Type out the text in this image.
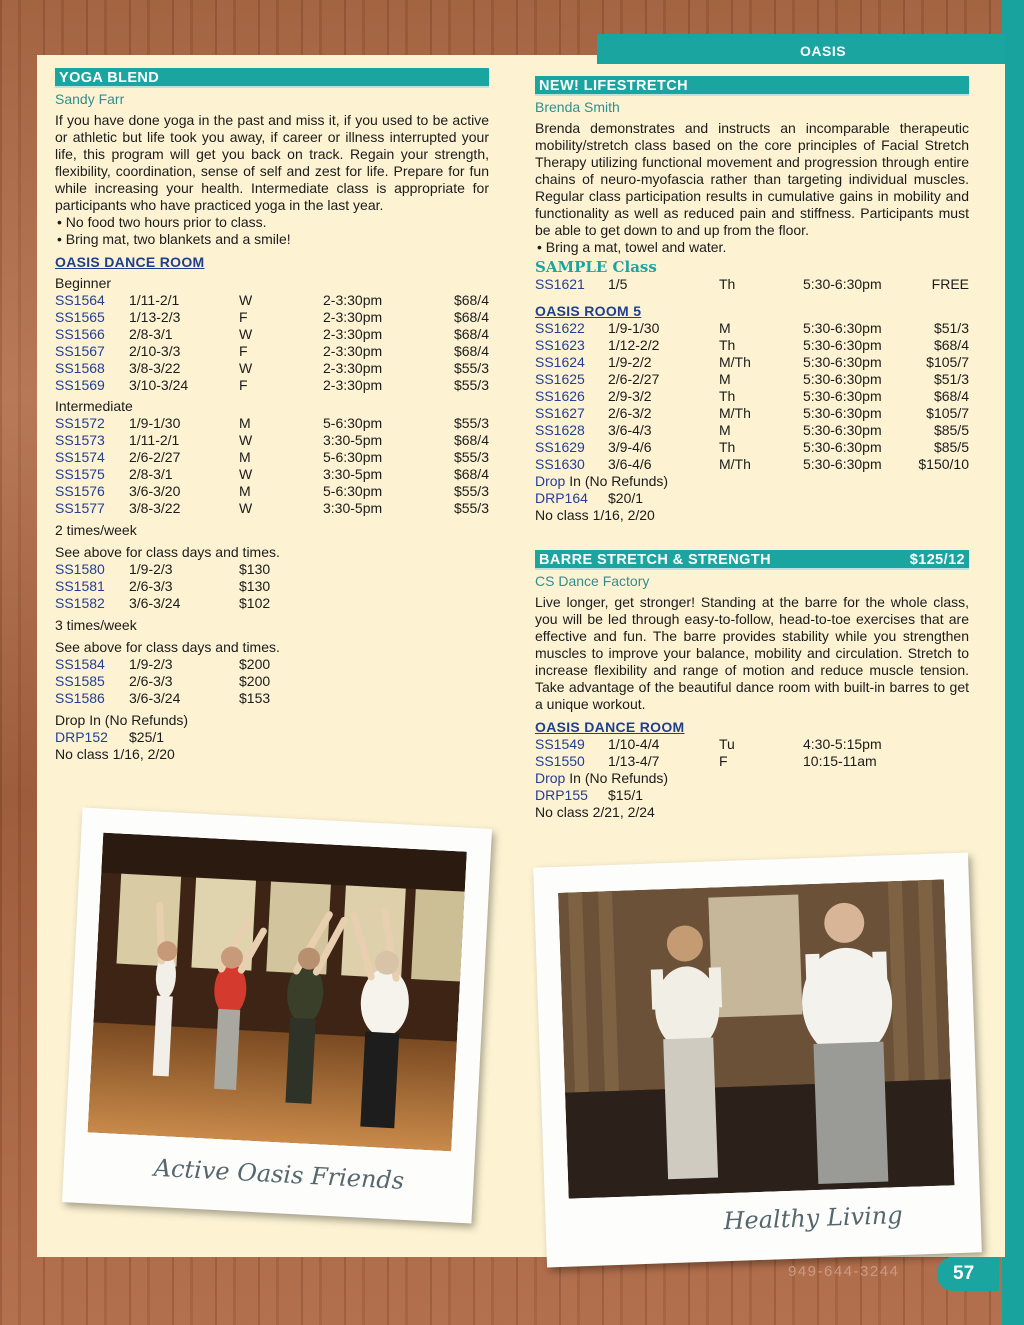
OASIS
YOGA BLEND
Sandy Farr
If you have done yoga in the past and miss it, if you used to be active or athletic but life took you away, if career or illness interrupted your life, this program will get you back on track. Regain your strength, flexibility, coordination, sense of self and zest for life. Prepare for fun while increasing your health. Intermediate class is appropriate for participants who have practiced yoga in the last year.
• No food two hours prior to class.
• Bring mat, two blankets and a smile!
OASIS DANCE ROOM
Beginner
SS1564	1/11-2/1	W	2-3:30pm	$68/4
SS1565	1/13-2/3	F	2-3:30pm	$68/4
SS1566	2/8-3/1	W	2-3:30pm	$68/4
SS1567	2/10-3/3	F	2-3:30pm	$68/4
SS1568	3/8-3/22	W	2-3:30pm	$55/3
SS1569	3/10-3/24	F	2-3:30pm	$55/3
Intermediate
SS1572	1/9-1/30	M	5-6:30pm	$55/3
SS1573	1/11-2/1	W	3:30-5pm	$68/4
SS1574	2/6-2/27	M	5-6:30pm	$55/3
SS1575	2/8-3/1	W	3:30-5pm	$68/4
SS1576	3/6-3/20	M	5-6:30pm	$55/3
SS1577	3/8-3/22	W	3:30-5pm	$55/3
2 times/week
See above for class days and times.
SS1580	1/9-2/3	$130
SS1581	2/6-3/3	$130
SS1582	3/6-3/24	$102
3 times/week
See above for class days and times.
SS1584	1/9-2/3	$200
SS1585	2/6-3/3	$200
SS1586	3/6-3/24	$153
Drop In (No Refunds)
DRP152	$25/1
No class 1/16, 2/20
NEW! LIFESTRETCH
Brenda Smith
Brenda demonstrates and instructs an incomparable therapeutic mobility/stretch class based on the core principles of Facial Stretch Therapy utilizing functional movement and progression through entire chains of neuro-myofascia rather than targeting individual muscles. Regular class participation results in cumulative gains in mobility and functionality as well as reduced pain and stiffness. Participants must be able to get down to and up from the floor.
• Bring a mat, towel and water.
SAMPLE Class
SS1621	1/5	Th	5:30-6:30pm	FREE
OASIS ROOM 5
SS1622	1/9-1/30	M	5:30-6:30pm	$51/3
SS1623	1/12-2/2	Th	5:30-6:30pm	$68/4
SS1624	1/9-2/2	M/Th	5:30-6:30pm	$105/7
SS1625	2/6-2/27	M	5:30-6:30pm	$51/3
SS1626	2/9-3/2	Th	5:30-6:30pm	$68/4
SS1627	2/6-3/2	M/Th	5:30-6:30pm	$105/7
SS1628	3/6-4/3	M	5:30-6:30pm	$85/5
SS1629	3/9-4/6	Th	5:30-6:30pm	$85/5
SS1630	3/6-4/6	M/Th	5:30-6:30pm	$150/10
Drop In (No Refunds)
DRP164	$20/1
No class 1/16, 2/20
BARRE STRETCH & STRENGTH	$125/12
CS Dance Factory
Live longer, get stronger! Standing at the barre for the whole class, you will be led through easy-to-follow, head-to-toe exercises that are effective and fun. The barre provides stability while you strengthen muscles to improve your balance, mobility and circulation. Stretch to increase flexibility and range of motion and reduce muscle tension. Take advantage of the beautiful dance room with built-in barres to get a unique workout.
OASIS DANCE ROOM
SS1549	1/10-4/4	Tu	4:30-5:15pm
SS1550	1/13-4/7	F	10:15-11am
Drop In (No Refunds)
DRP155	$15/1
No class 2/21, 2/24
Active Oasis Friends
Healthy Living
949-644-3244	57
